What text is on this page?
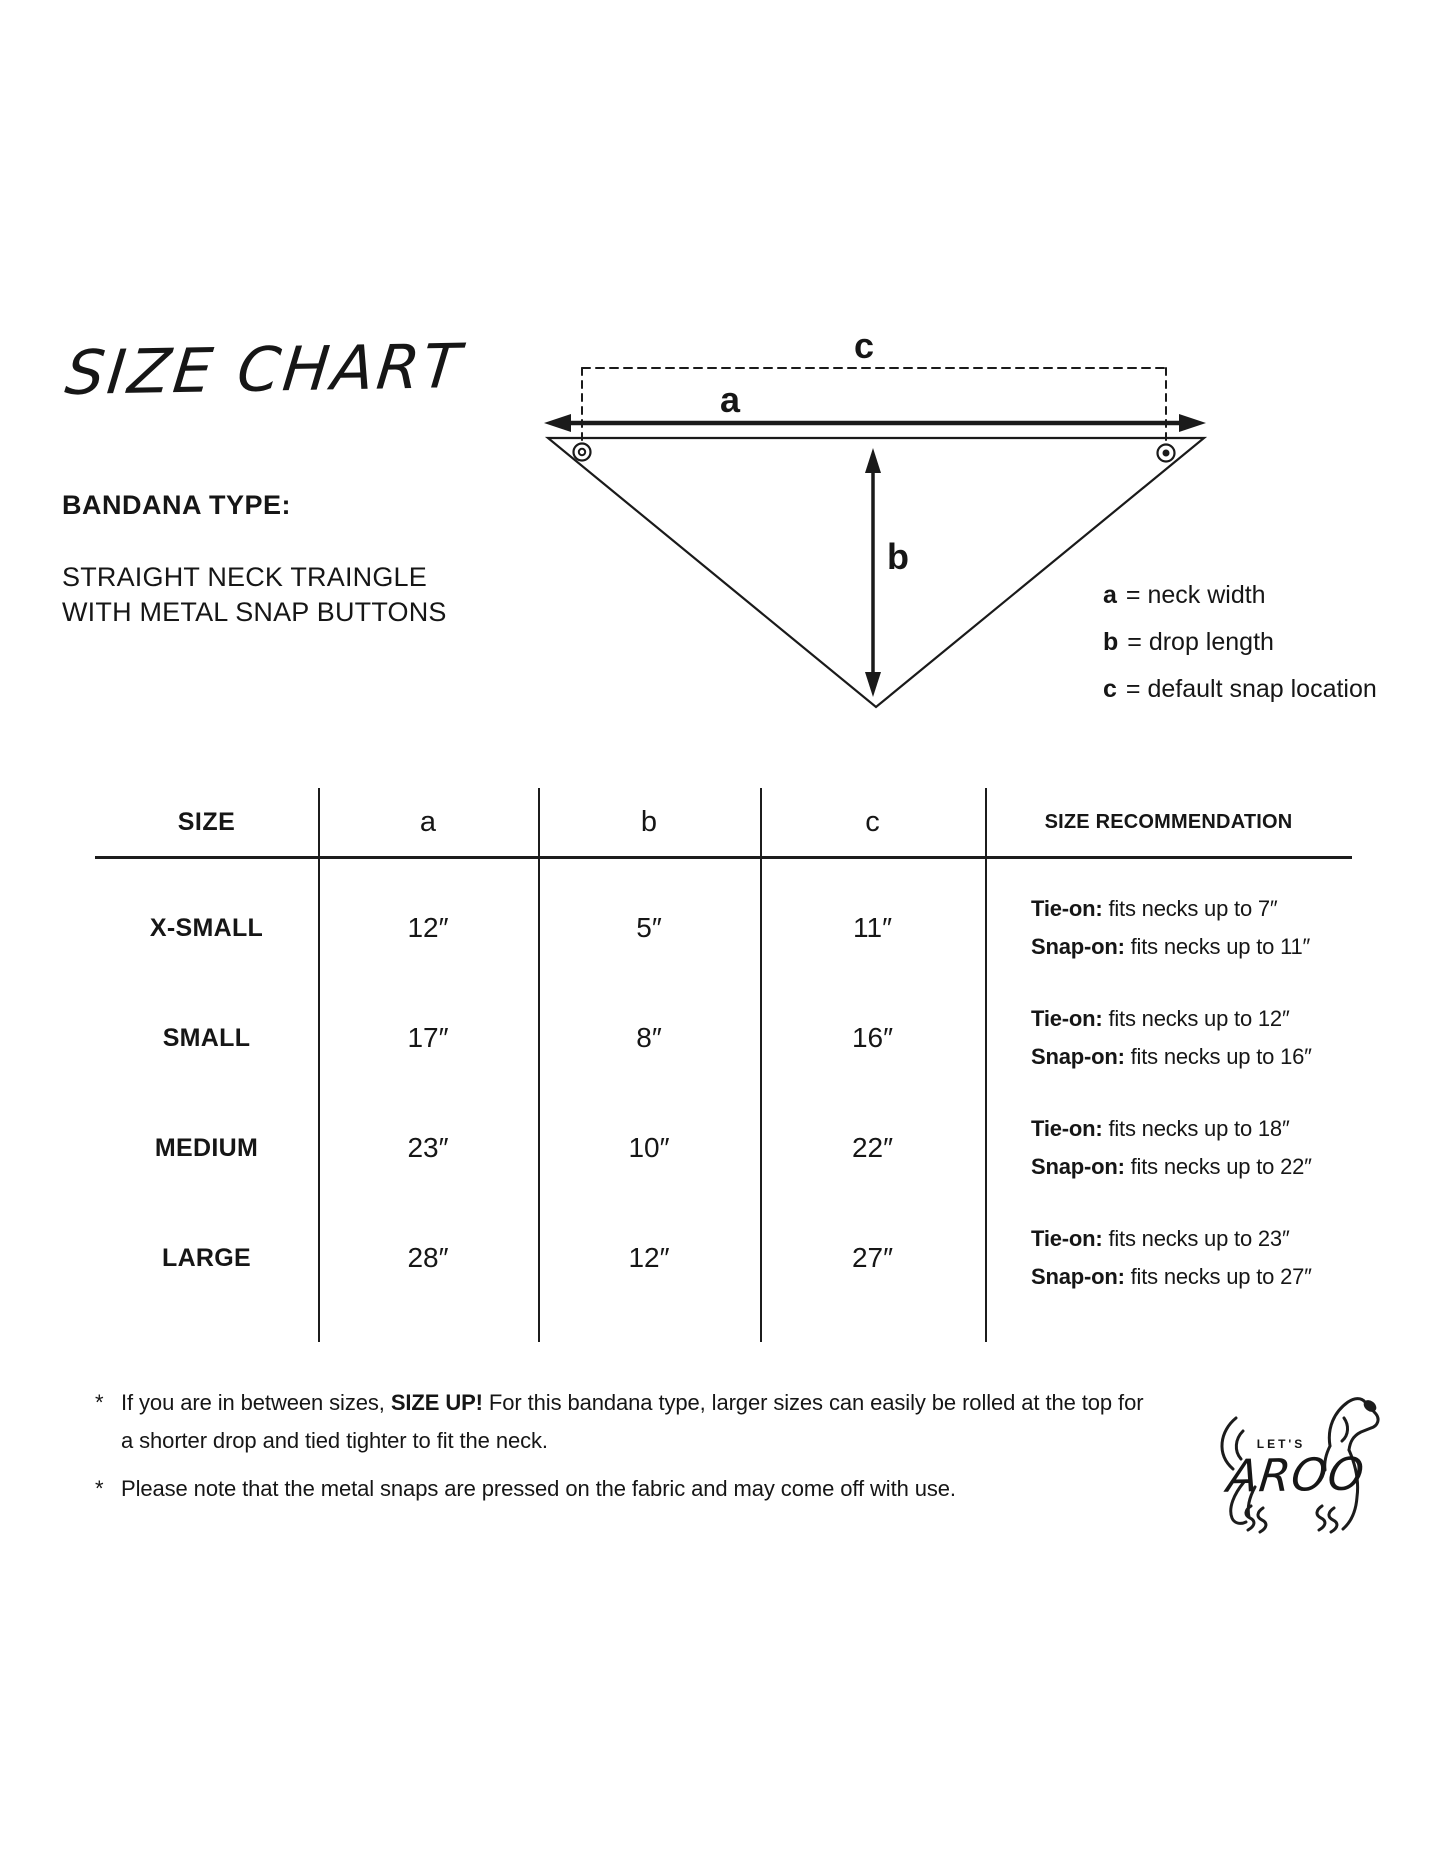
SIZE CHART
BANDANA TYPE:
STRAIGHT NECK TRAINGLE
WITH METAL SNAP BUTTONS
c
a
b
a = neck width
b = drop length
c = default snap location
SIZE	a	b	c	SIZE RECOMMENDATION
X-SMALL	12″	5″	11″
Tie-on: fits necks up to 7″
Snap-on: fits necks up to 11″
SMALL	17″	8″	16″
Tie-on: fits necks up to 12″
Snap-on: fits necks up to 16″
MEDIUM	23″	10″	22″
Tie-on: fits necks up to 18″
Snap-on: fits necks up to 22″
LARGE	28″	12″	27″
Tie-on: fits necks up to 23″
Snap-on: fits necks up to 27″
* If you are in between sizes, SIZE UP! For this bandana type, larger sizes can easily be rolled at the top for
a shorter drop and tied tighter to fit the neck.
* Please note that the metal snaps are pressed on the fabric and may come off with use.
LET'S
AROO
